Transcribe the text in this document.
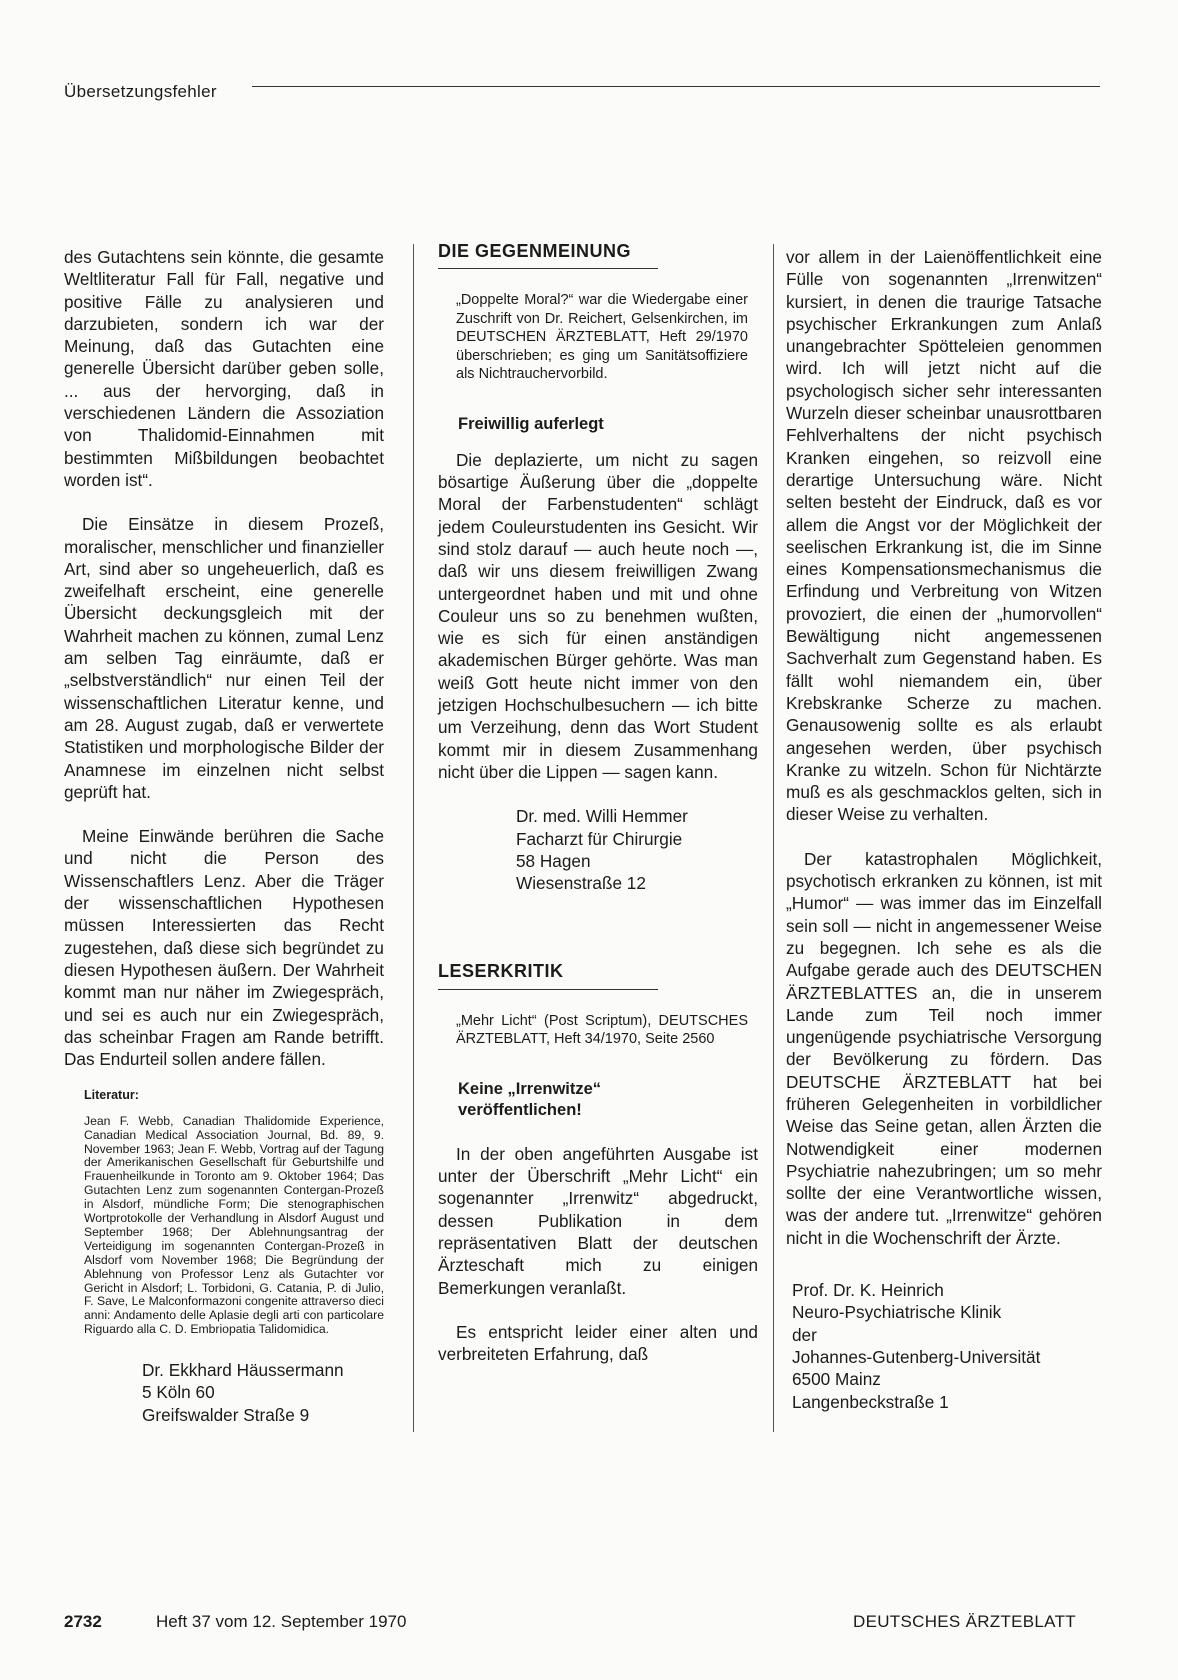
Übersetzungsfehler

des Gutachtens sein könnte, die gesamte Weltliteratur Fall für Fall, negative und positive Fälle zu analysieren und darzubieten, sondern ich war der Meinung, daß das Gutachten eine generelle Übersicht darüber geben solle, ... aus der hervorging, daß in verschiedenen Ländern die Assoziation von Thalidomid-Einnahmen mit bestimmten Mißbildungen beobachtet worden ist“.

Die Einsätze in diesem Prozeß, moralischer, menschlicher und finanzieller Art, sind aber so ungeheuerlich, daß es zweifelhaft erscheint, eine generelle Übersicht deckungsgleich mit der Wahrheit machen zu können, zumal Lenz am selben Tag einräumte, daß er „selbstverständlich“ nur einen Teil der wissenschaftlichen Literatur kenne, und am 28. August zugab, daß er verwertete Statistiken und morphologische Bilder der Anamnese im einzelnen nicht selbst geprüft hat.

Meine Einwände berühren die Sache und nicht die Person des Wissenschaftlers Lenz. Aber die Träger der wissenschaftlichen Hypothesen müssen Interessierten das Recht zugestehen, daß diese sich begründet zu diesen Hypothesen äußern. Der Wahrheit kommt man nur näher im Zwiegespräch, und sei es auch nur ein Zwiegespräch, das scheinbar Fragen am Rande betrifft. Das Endurteil sollen andere fällen.

Literatur:

Jean F. Webb, Canadian Thalidomide Experience, Canadian Medical Association Journal, Bd. 89, 9. November 1963; Jean F. Webb, Vortrag auf der Tagung der Amerikanischen Gesellschaft für Geburtshilfe und Frauenheilkunde in Toronto am 9. Oktober 1964; Das Gutachten Lenz zum sogenannten Contergan-Prozeß in Alsdorf, mündliche Form; Die stenographischen Wortprotokolle der Verhandlung in Alsdorf August und September 1968; Der Ablehnungsantrag der Verteidigung im sogenannten Contergan-Prozeß in Alsdorf vom November 1968; Die Begründung der Ablehnung von Professor Lenz als Gutachter vor Gericht in Alsdorf; L. Torbidoni, G. Catania, P. di Julio, F. Save, Le Malconformazoni congenite attraverso dieci anni: Andamento delle Aplasie degli arti con particolare Riguardo alla C. D. Embriopatia Talidomidica.

Dr. Ekkhard Häussermann
5 Köln 60
Greifswalder Straße 9
DIE GEGENMEINUNG

„Doppelte Moral?“ war die Wiedergabe einer Zuschrift von Dr. Reichert, Gelsenkirchen, im DEUTSCHEN ÄRZTEBLATT, Heft 29/1970 überschrieben; es ging um Sanitätsoffiziere als Nichtrauchervorbild.

Freiwillig auferlegt

Die deplazierte, um nicht zu sagen bösartige Äußerung über die „doppelte Moral der Farbenstudenten“ schlägt jedem Couleurstudenten ins Gesicht. Wir sind stolz darauf — auch heute noch —, daß wir uns diesem freiwilligen Zwang untergeordnet haben und mit und ohne Couleur uns so zu benehmen wußten, wie es sich für einen anständigen akademischen Bürger gehörte. Was man weiß Gott heute nicht immer von den jetzigen Hochschulbesuchern — ich bitte um Verzeihung, denn das Wort Student kommt mir in diesem Zusammenhang nicht über die Lippen — sagen kann.

Dr. med. Willi Hemmer
Facharzt für Chirurgie
58 Hagen
Wiesenstraße 12
LESERKRITIK

„Mehr Licht“ (Post Scriptum), DEUTSCHES ÄRZTEBLATT, Heft 34/1970, Seite 2560

Keine „Irrenwitze“ veröffentlichen!

In der oben angeführten Ausgabe ist unter der Überschrift „Mehr Licht“ ein sogenannter „Irrenwitz“ abgedruckt, dessen Publikation in dem repräsentativen Blatt der deutschen Ärzteschaft mich zu einigen Bemerkungen veranlaßt.

Es entspricht leider einer alten und verbreiteten Erfahrung, daß

vor allem in der Laienöffentlichkeit eine Fülle von sogenannten „Irrenwitzen“ kursiert, in denen die traurige Tatsache psychischer Erkrankungen zum Anlaß unangebrachter Spötteleien genommen wird. Ich will jetzt nicht auf die psychologisch sicher sehr interessanten Wurzeln dieser scheinbar unausrottbaren Fehlverhaltens der nicht psychisch Kranken eingehen, so reizvoll eine derartige Untersuchung wäre. Nicht selten besteht der Eindruck, daß es vor allem die Angst vor der Möglichkeit der seelischen Erkrankung ist, die im Sinne eines Kompensationsmechanismus die Erfindung und Verbreitung von Witzen provoziert, die einen der „humorvollen“ Bewältigung nicht angemessenen Sachverhalt zum Gegenstand haben. Es fällt wohl niemandem ein, über Krebskranke Scherze zu machen. Genausowenig sollte es als erlaubt angesehen werden, über psychisch Kranke zu witzeln. Schon für Nichtärzte muß es als geschmacklos gelten, sich in dieser Weise zu verhalten.

Der katastrophalen Möglichkeit, psychotisch erkranken zu können, ist mit „Humor“ — was immer das im Einzelfall sein soll — nicht in angemessener Weise zu begegnen. Ich sehe es als die Aufgabe gerade auch des DEUTSCHEN ÄRZTEBLATTES an, die in unserem Lande zum Teil noch immer ungenügende psychiatrische Versorgung der Bevölkerung zu fördern. Das DEUTSCHE ÄRZTEBLATT hat bei früheren Gelegenheiten in vorbildlicher Weise das Seine getan, allen Ärzten die Notwendigkeit einer modernen Psychiatrie nahezubringen; um so mehr sollte der eine Verantwortliche wissen, was der andere tut. „Irrenwitze“ gehören nicht in die Wochenschrift der Ärzte.

Prof. Dr. K. Heinrich
Neuro-Psychiatrische Klinik
der
Johannes-Gutenberg-Universität
6500 Mainz
Langenbeckstraße 1
2732	Heft 37 vom 12. September 1970	DEUTSCHES ÄRZTEBLATT
